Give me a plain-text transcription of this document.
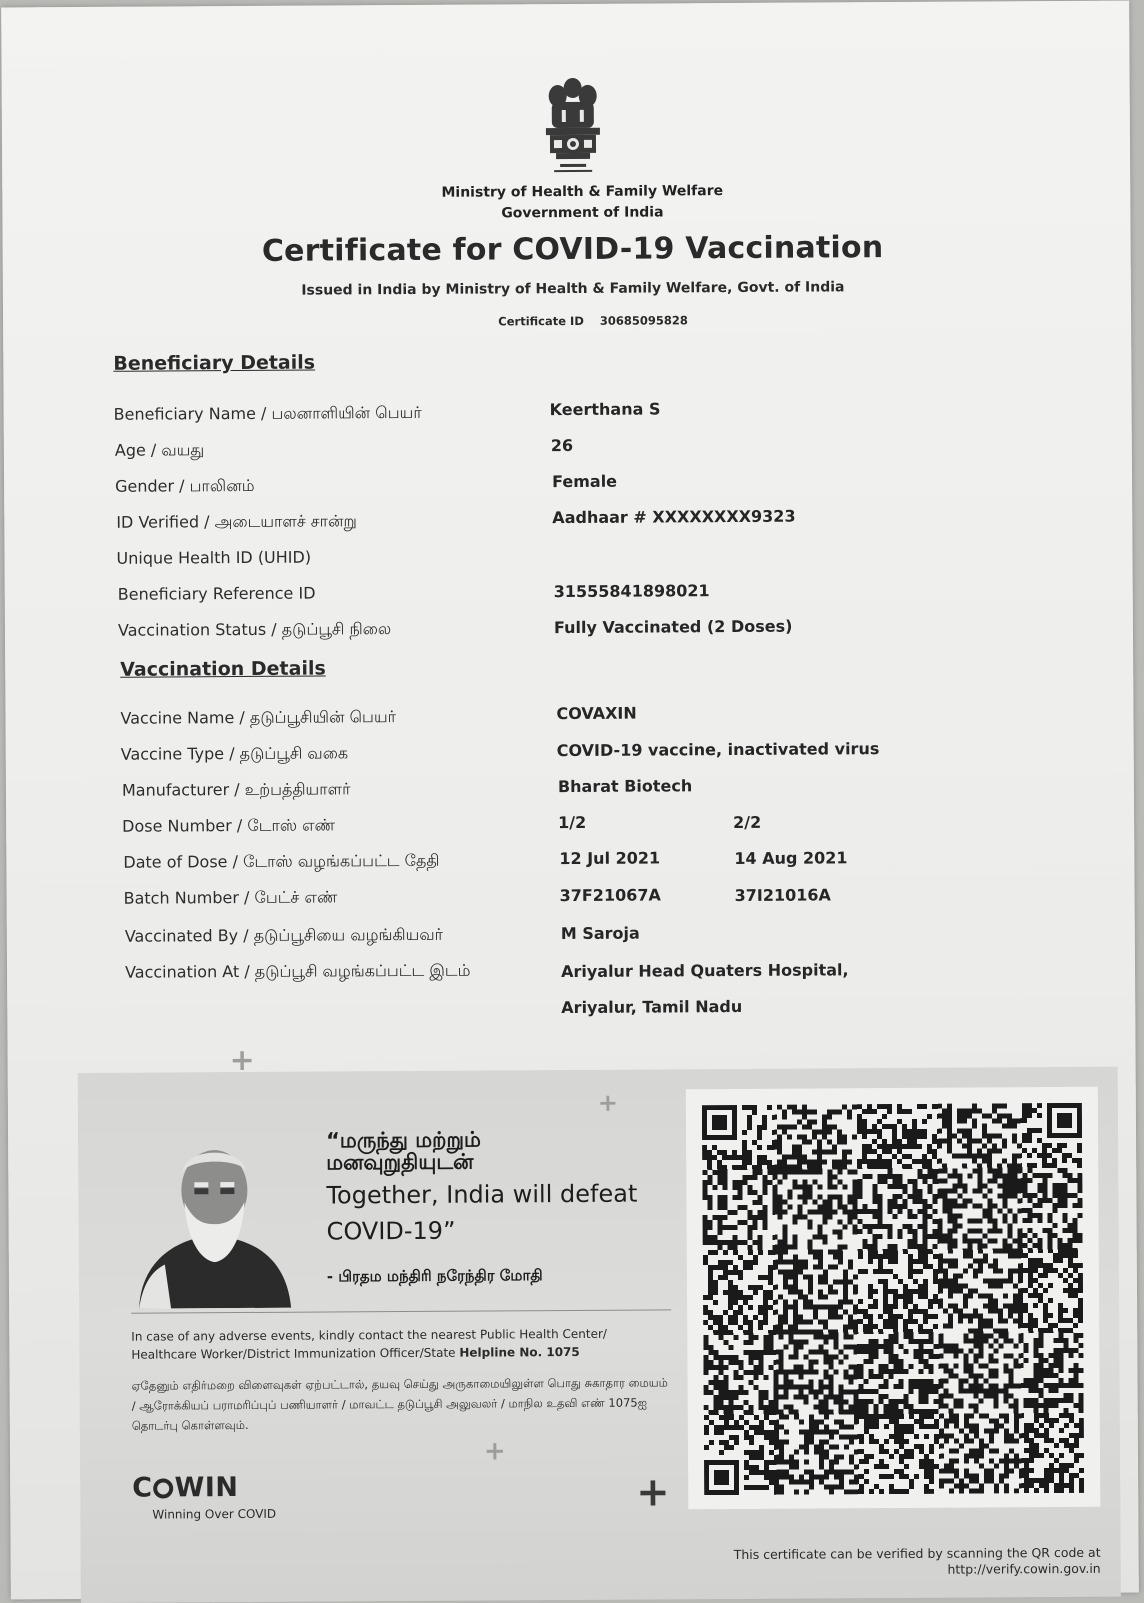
Ministry of Health & Family Welfare
Government of India
Certificate for COVID-19 Vaccination
Issued in India by Ministry of Health & Family Welfare, Govt. of India
Certificate ID 30685095828
Beneficiary Details
Beneficiary Name / பலனாளியின் பெயர்	Keerthana S
Age / வயது	26
Gender / பாலினம்	Female
ID Verified / அடையாளச் சான்று	Aadhaar # XXXXXXXX9323
Unique Health ID (UHID)
Beneficiary Reference ID	31555841898021
Vaccination Status / தடுப்பூசி நிலை	Fully Vaccinated (2 Doses)
Vaccination Details
Vaccine Name / தடுப்பூசியின் பெயர்	COVAXIN
Vaccine Type / தடுப்பூசி வகை	COVID-19 vaccine, inactivated virus
Manufacturer / உற்பத்தியாளர்	Bharat Biotech
Dose Number / டோஸ் எண்	1/2	2/2
Date of Dose / டோஸ் வழங்கப்பட்ட தேதி	12 Jul 2021	14 Aug 2021
Batch Number / பேட்ச் எண்	37F21067A	37I21016A
Vaccinated By / தடுப்பூசியை வழங்கியவர்	M Saroja
Vaccination At / தடுப்பூசி வழங்கப்பட்ட இடம்	Ariyalur Head Quaters Hospital,
Ariyalur, Tamil Nadu
+
+
+
+
“மருந்து மற்றும் மனவுறுதியுடன்
Together, India will defeat COVID-19”
- பிரதம மந்திரி நரேந்திர மோதி
In case of any adverse events, kindly contact the nearest Public Health Center/ Healthcare Worker/District Immunization Officer/State Helpline No. 1075
ஏதேனும் எதிர்மறை விளைவுகள் ஏற்பட்டால், தயவு செய்து அருகாமையிலுள்ள பொது சுகாதார மையம் / ஆரோக்கியப் பராமரிப்புப் பணியாளர் / மாவட்ட தடுப்பூசி அலுவலர் / மாநில உதவி எண் 1075ஐ தொடர்பு கொள்ளவும்.
C WIN
Winning Over COVID
This certificate can be verified by scanning the QR code at
http://verify.cowin.gov.in
